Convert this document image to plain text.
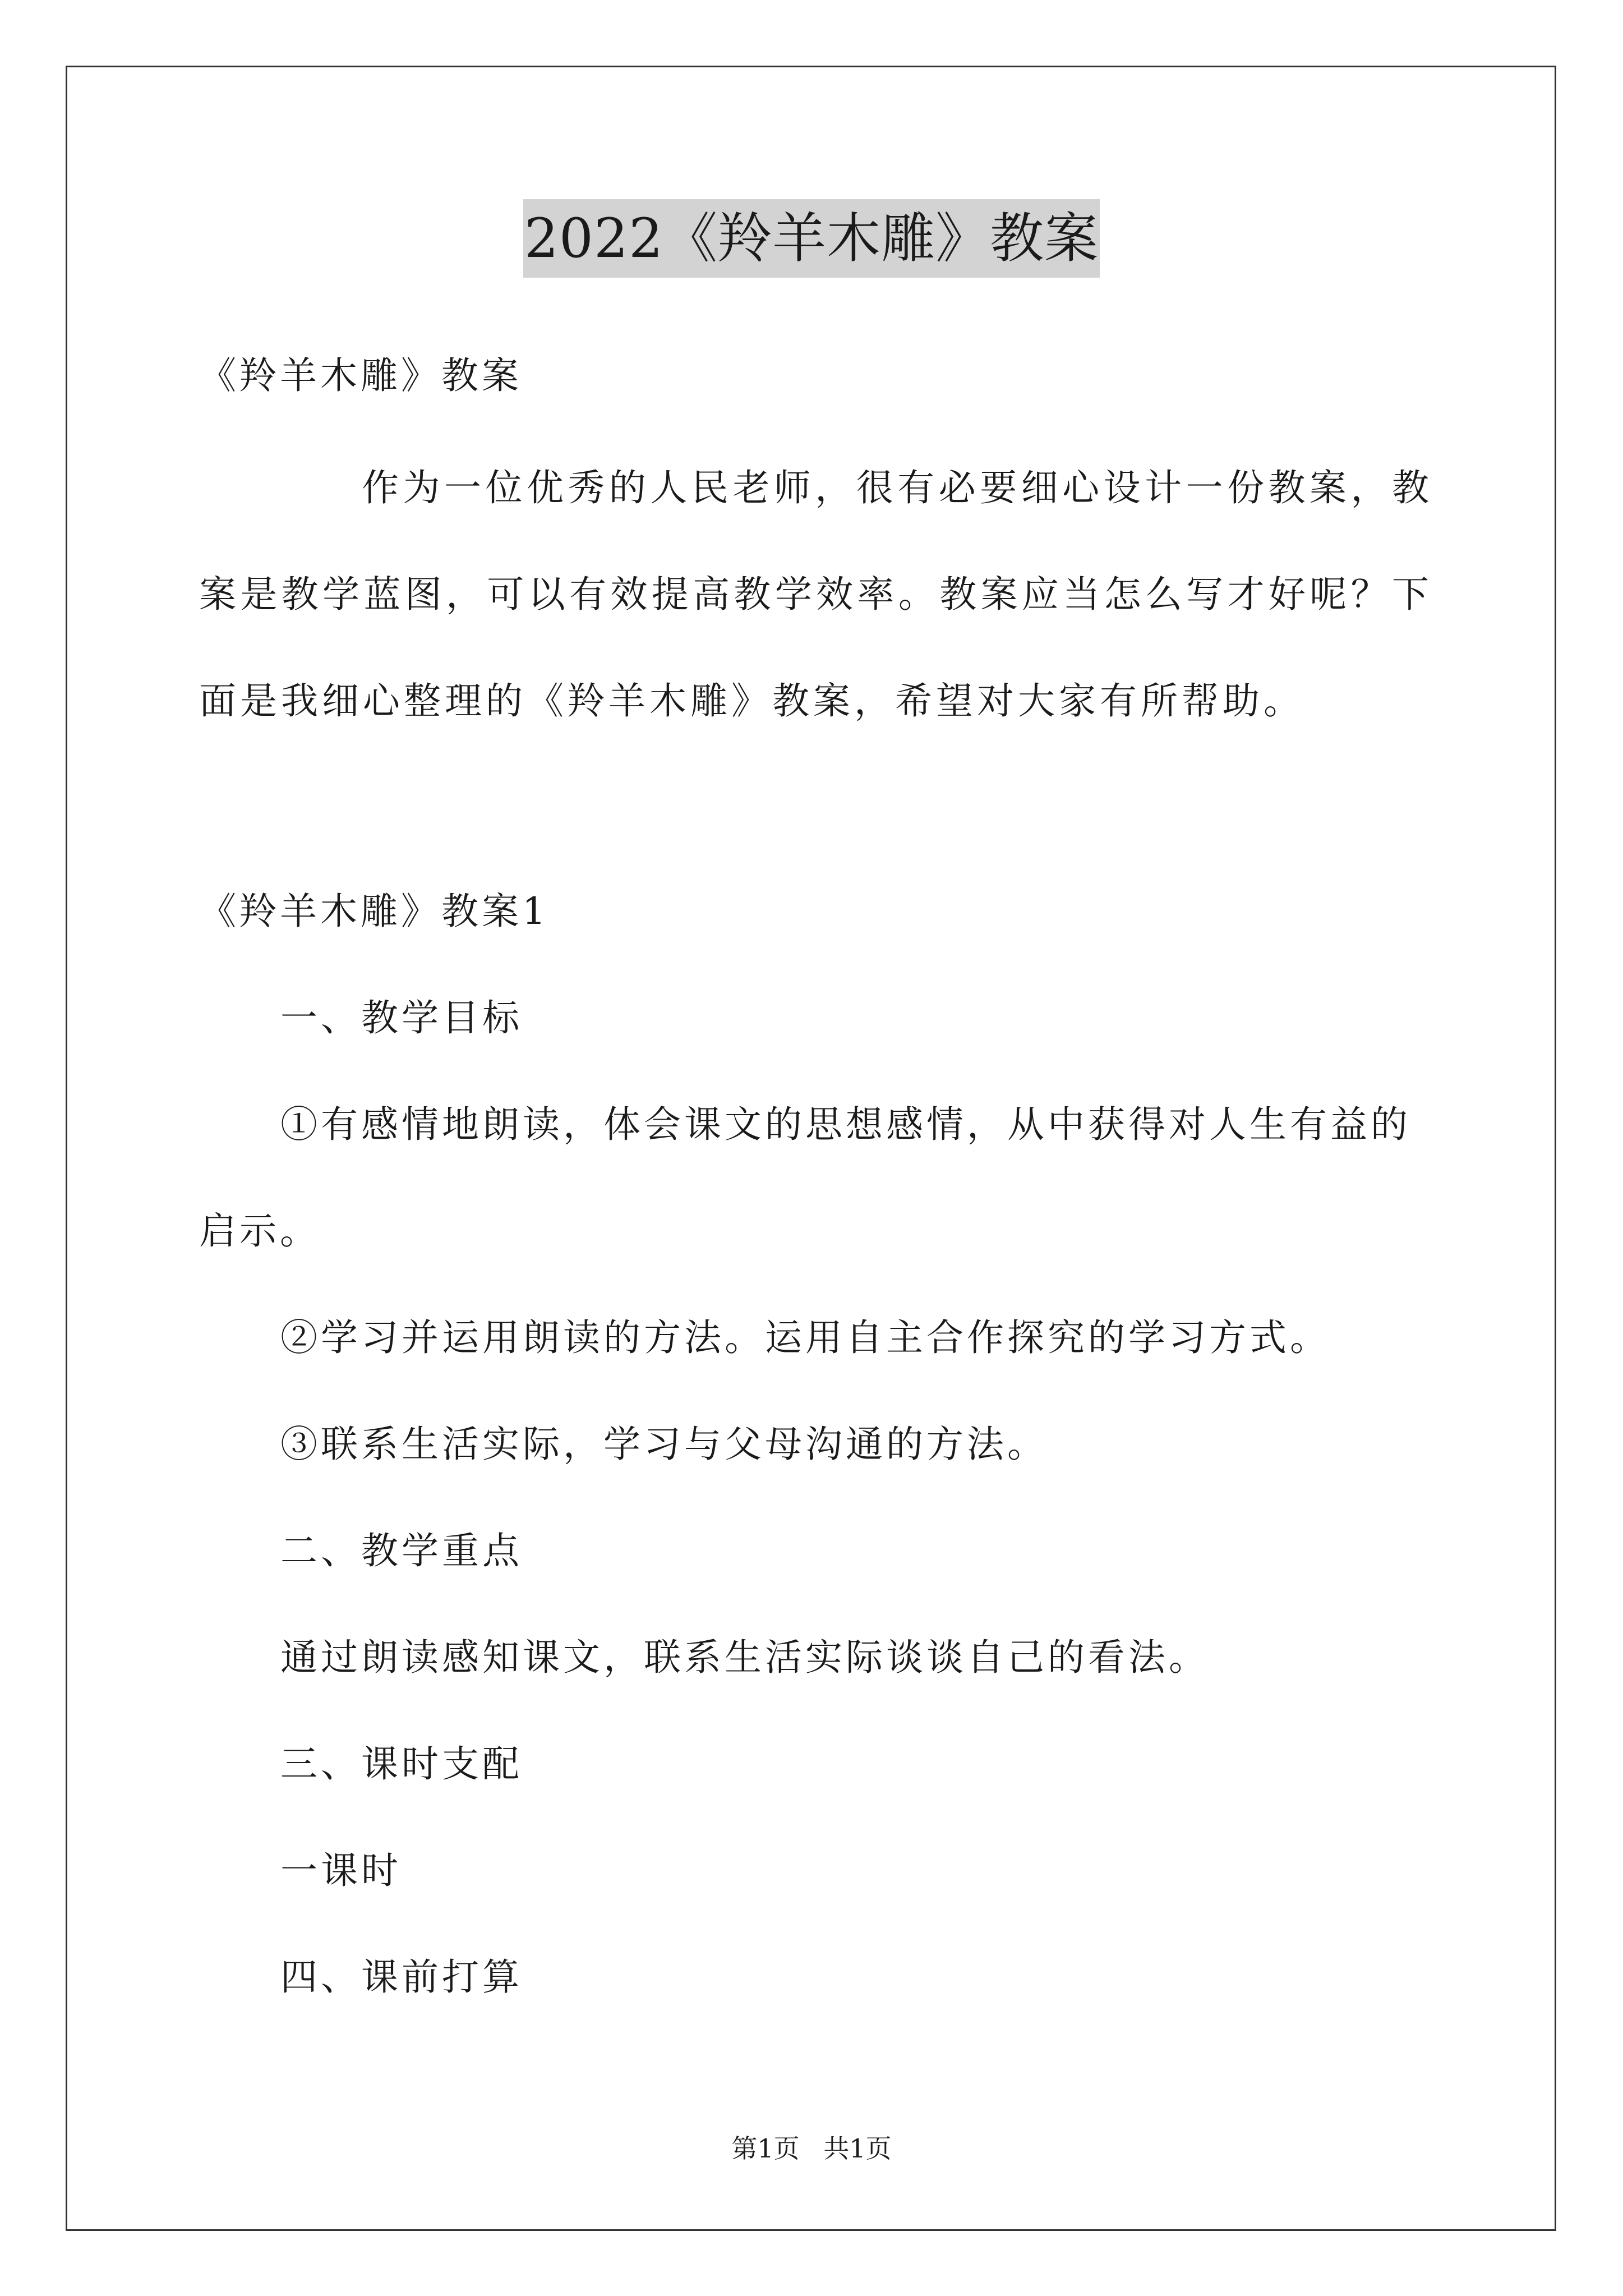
2022《羚羊木雕》教案
《羚羊木雕》教案
作为一位优秀的人民老师，很有必要细心设计一份教案，教案是教学蓝图，可以有效提高教学效率。教案应当怎么写才好呢？下面是我细心整理的《羚羊木雕》教案，希望对大家有所帮助。
《羚羊木雕》教案1
一、教学目标
①有感情地朗读，体会课文的思想感情，从中获得对人生有益的
启示。
②学习并运用朗读的方法。运用自主合作探究的学习方式。
③联系生活实际，学习与父母沟通的方法。
二、教学重点
通过朗读感知课文，联系生活实际谈谈自己的看法。
三、课时支配
一课时
四、课前打算
第1页 共1页
